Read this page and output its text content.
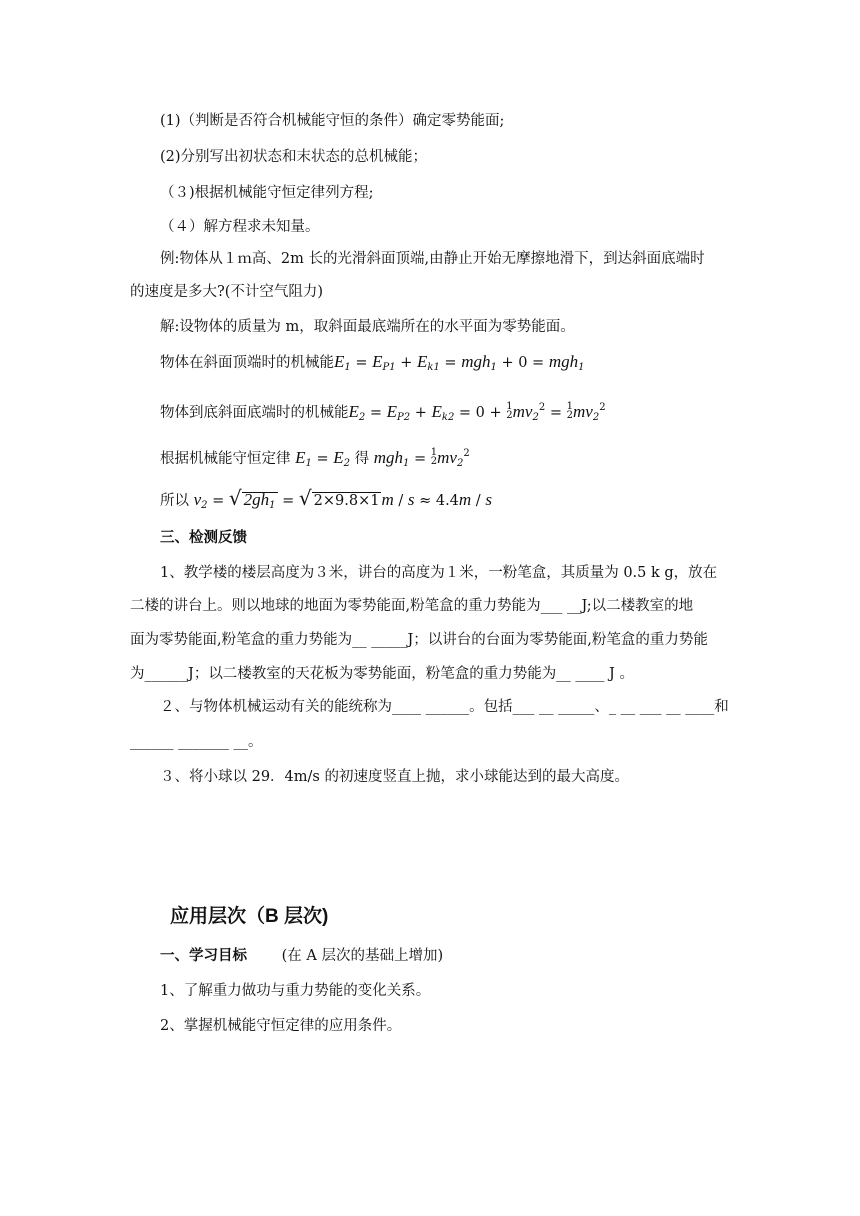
(1)（判断是否符合机械能守恒的条件）确定零势能面;
(2)分别写出初状态和末状态的总机械能；
（３)根据机械能守恒定律列方程;
（４）解方程求未知量。
例:物体从１ｍ高、2m 长的光滑斜面顶端,由静止开始无摩擦地滑下，到达斜面底端时
的速度是多大?(不计空气阻力)
解:设物体的质量为 m，取斜面最底端所在的水平面为零势能面。
物体在斜面顶端时的机械能$E_1 = E_{P1} + E_{k1} = mgh_1 + 0 = mgh_1$
物体到底斜面底端时的机械能$E_2 = E_{P2} + E_{k2} = 0 + 1$
$2mv_2^2 = 1$
$2mv_2^2$
根据机械能守恒定律 $E_1 = E_2$ 得 mgh$_1$ = 1
$2mv_2^2$
所以 $v_2$ = √ $2gh_1$ = √ 2×9.8×1 m / s ≈ 4.4m / s
三、检测反馈
1、教学楼的楼层高度为３米，讲台的高度为１米，一粉笔盒，其质量为 0.5 k g，放在
二楼的讲台上。则以地球的地面为零势能面,粉笔盒的重力势能为___ __J;以二楼教室的地
面为零势能面,粉笔盒的重力势能为__ _____J；以讲台的台面为零势能面,粉笔盒的重力势能
为______J；以二楼教室的天花板为零势能面，粉笔盒的重力势能为__ ____ J 。
２、与物体机械运动有关的能统称为____ ______。包括___ __ _____、_ __ ___ __ ____和
______ _______ __。
３、将小球以 29．4m/s 的初速度竖直上抛，求小球能达到的最大高度。
应用层次（B 层次)
一、学习目标 (在 A 层次的基础上增加)
1、了解重力做功与重力势能的变化关系。
2、掌握机械能守恒定律的应用条件。
